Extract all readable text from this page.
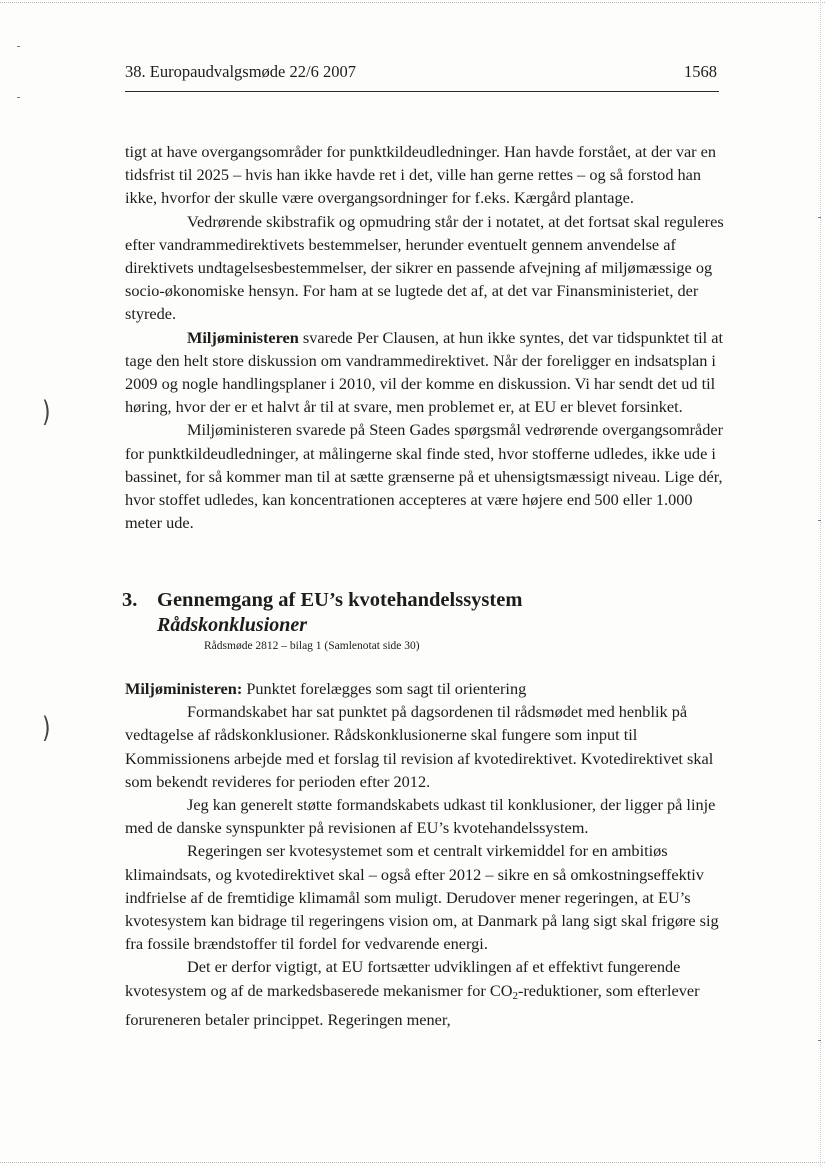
38. Europaudvalgsmøde 22/6 2007	1568

tigt at have overgangsområder for punktkildeudledninger. Han havde forstået, at der var en tidsfrist til 2025 – hvis han ikke havde ret i det, ville han gerne rettes – og så forstod han ikke, hvorfor der skulle være overgangsordninger for f.eks. Kærgård plantage.

Vedrørende skibstrafik og opmudring står der i notatet, at det fortsat skal reguleres efter vandrammedirektivets bestemmelser, herunder eventuelt gennem anvendelse af direktivets undtagelsesbestemmelser, der sikrer en passende afvejning af miljømæssige og socio-økonomiske hensyn. For ham at se lugtede det af, at det var Finansministeriet, der styrede.

Miljøministeren svarede Per Clausen, at hun ikke syntes, det var tidspunktet til at tage den helt store diskussion om vandrammedirektivet. Når der foreligger en indsatsplan i 2009 og nogle handlingsplaner i 2010, vil der komme en diskussion. Vi har sendt det ud til høring, hvor der er et halvt år til at svare, men problemet er, at EU er blevet forsinket.

Miljøministeren svarede på Steen Gades spørgsmål vedrørende overgangsområder for punktkildeudledninger, at målingerne skal finde sted, hvor stofferne udledes, ikke ude i bassinet, for så kommer man til at sætte grænserne på et uhensigtsmæssigt niveau. Lige dér, hvor stoffet udledes, kan koncentrationen accepteres at være højere end 500 eller 1.000 meter ude.

3. Gennemgang af EU’s kvotehandelssystem
Rådskonklusioner
Rådsmøde 2812 – bilag 1 (Samlenotat side 30)

Miljøministeren: Punktet forelægges som sagt til orientering

Formandskabet har sat punktet på dagsordenen til rådsmødet med henblik på vedtagelse af rådskonklusioner. Rådskonklusionerne skal fungere som input til Kommissionens arbejde med et forslag til revision af kvotedirektivet. Kvotedirektivet skal som bekendt revideres for perioden efter 2012.

Jeg kan generelt støtte formandskabets udkast til konklusioner, der ligger på linje med de danske synspunkter på revisionen af EU’s kvotehandelssystem.

Regeringen ser kvotesystemet som et centralt virkemiddel for en ambitiøs klimaindsats, og kvotedirektivet skal – også efter 2012 – sikre en så omkostningseffektiv indfrielse af de fremtidige klimamål som muligt. Derudover mener regeringen, at EU’s kvotesystem kan bidrage til regeringens vision om, at Danmark på lang sigt skal frigøre sig fra fossile brændstoffer til fordel for vedvarende energi.

Det er derfor vigtigt, at EU fortsætter udviklingen af et effektivt fungerende kvotesystem og af de markedsbaserede mekanismer for $CO_2$-reduktioner, som efterlever forureneren betaler princippet. Regeringen mener,

)
)
